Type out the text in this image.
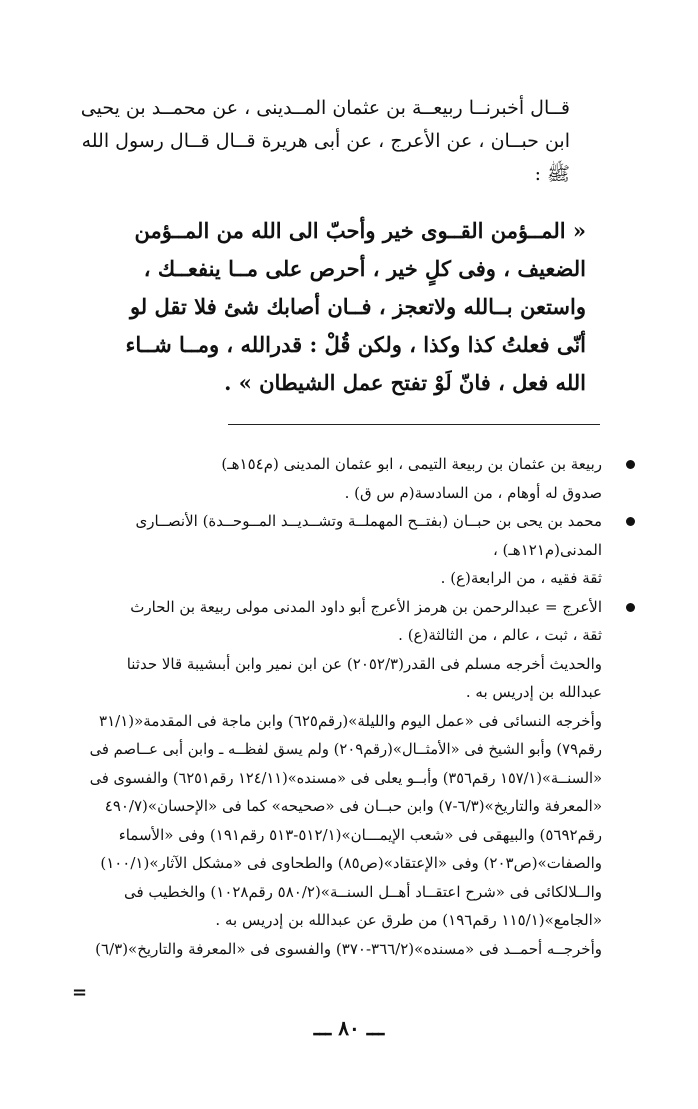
قــال أخبرنــا ربيعــة بن عثمان المــدينى ، عن محمــد بن يحيى
ابن حبــان ، عن الأعرج ، عن أبى هريرة قــال قــال رسول الله
ﷺ :
« المــؤمن القــوى خير وأحبّ الى الله من المــؤمن
الضعيف ، وفى كلٍ خير ، أحرص على مــا ينفعــك ،
واستعن بــالله ولاتعجز ، فــان أصابك شئ فلا تقل لو
أنّى فعلتُ كذا وكذا ، ولكن قُلْ : قدرالله ، ومــا شــاء
الله فعل ، فانّ لَوْ تفتح عمل الشيطان » .
ربيعة بن عثمان بن ربيعة التيمى ، ابو عثمان المدينى (م١٥٤هـ)
صدوق له أوهام ، من السادسة(م س ق) .
محمد بن يحى بن حبــان (بفتــح المهملــة وتشــديــد المــوحــدة) الأنصــارى
المدنى(م١٢١هـ) ،
ثقة فقيه ، من الرابعة(ع) .
الأعرج = عبدالرحمن بن هرمز الأعرج أبو داود المدنى مولى ربيعة بن الحارث
ثقة ، ثبت ، عالم ، من الثالثة(ع) .
والحديث أخرجه مسلم فى القدر(٢٠٥٢/٣) عن ابن نمير وابن أبىشيبة قالا حدثنا
عبدالله بن إدريس به .
وأخرجه النسائى فى «عمل اليوم والليلة»(رقم٦٢٥) وابن ماجة فى المقدمة«(٣١/١
رقم٧٩) وأبو الشيخ فى «الأمثــال»(رقم٢٠٩) ولم يسق لفظــه ـ وابن أبى عــاصم فى
«السنــة»(١٥٧/١ رقم٣٥٦) وأبــو يعلى فى «مسنده»(١٢٤/١١ رقم٦٢٥١) والفسوى فى
«المعرفة والتاريخ»(٦/٣-٧) وابن حبــان فى «صحيحه» كما فى «الإحسان»(٤٩٠/٧
رقم٥٦٩٢) والبيهقى فى «شعب الإيمـــان»(٥١٢/١-٥١٣ رقم١٩١) وفى «الأسماء
والصفات»(ص٢٠٣) وفى «الإعتقاد»(ص٨٥) والطحاوى فى «مشكل الآثار»(١٠٠/١)
والــلالكائى فى «شرح اعتقــاد أهــل السنــة»(٥٨٠/٢ رقم١٠٢٨) والخطيب فى
«الجامع»(١١٥/١ رقم١٩٦) من طرق عن عبدالله بن إدريس به .
وأخرجــه أحمــد فى «مسنده»(٣٦٦/٢-٣٧٠) والفسوى فى «المعرفة والتاريخ»(٦/٣)
=
ـــ ٨٠ ـــ
